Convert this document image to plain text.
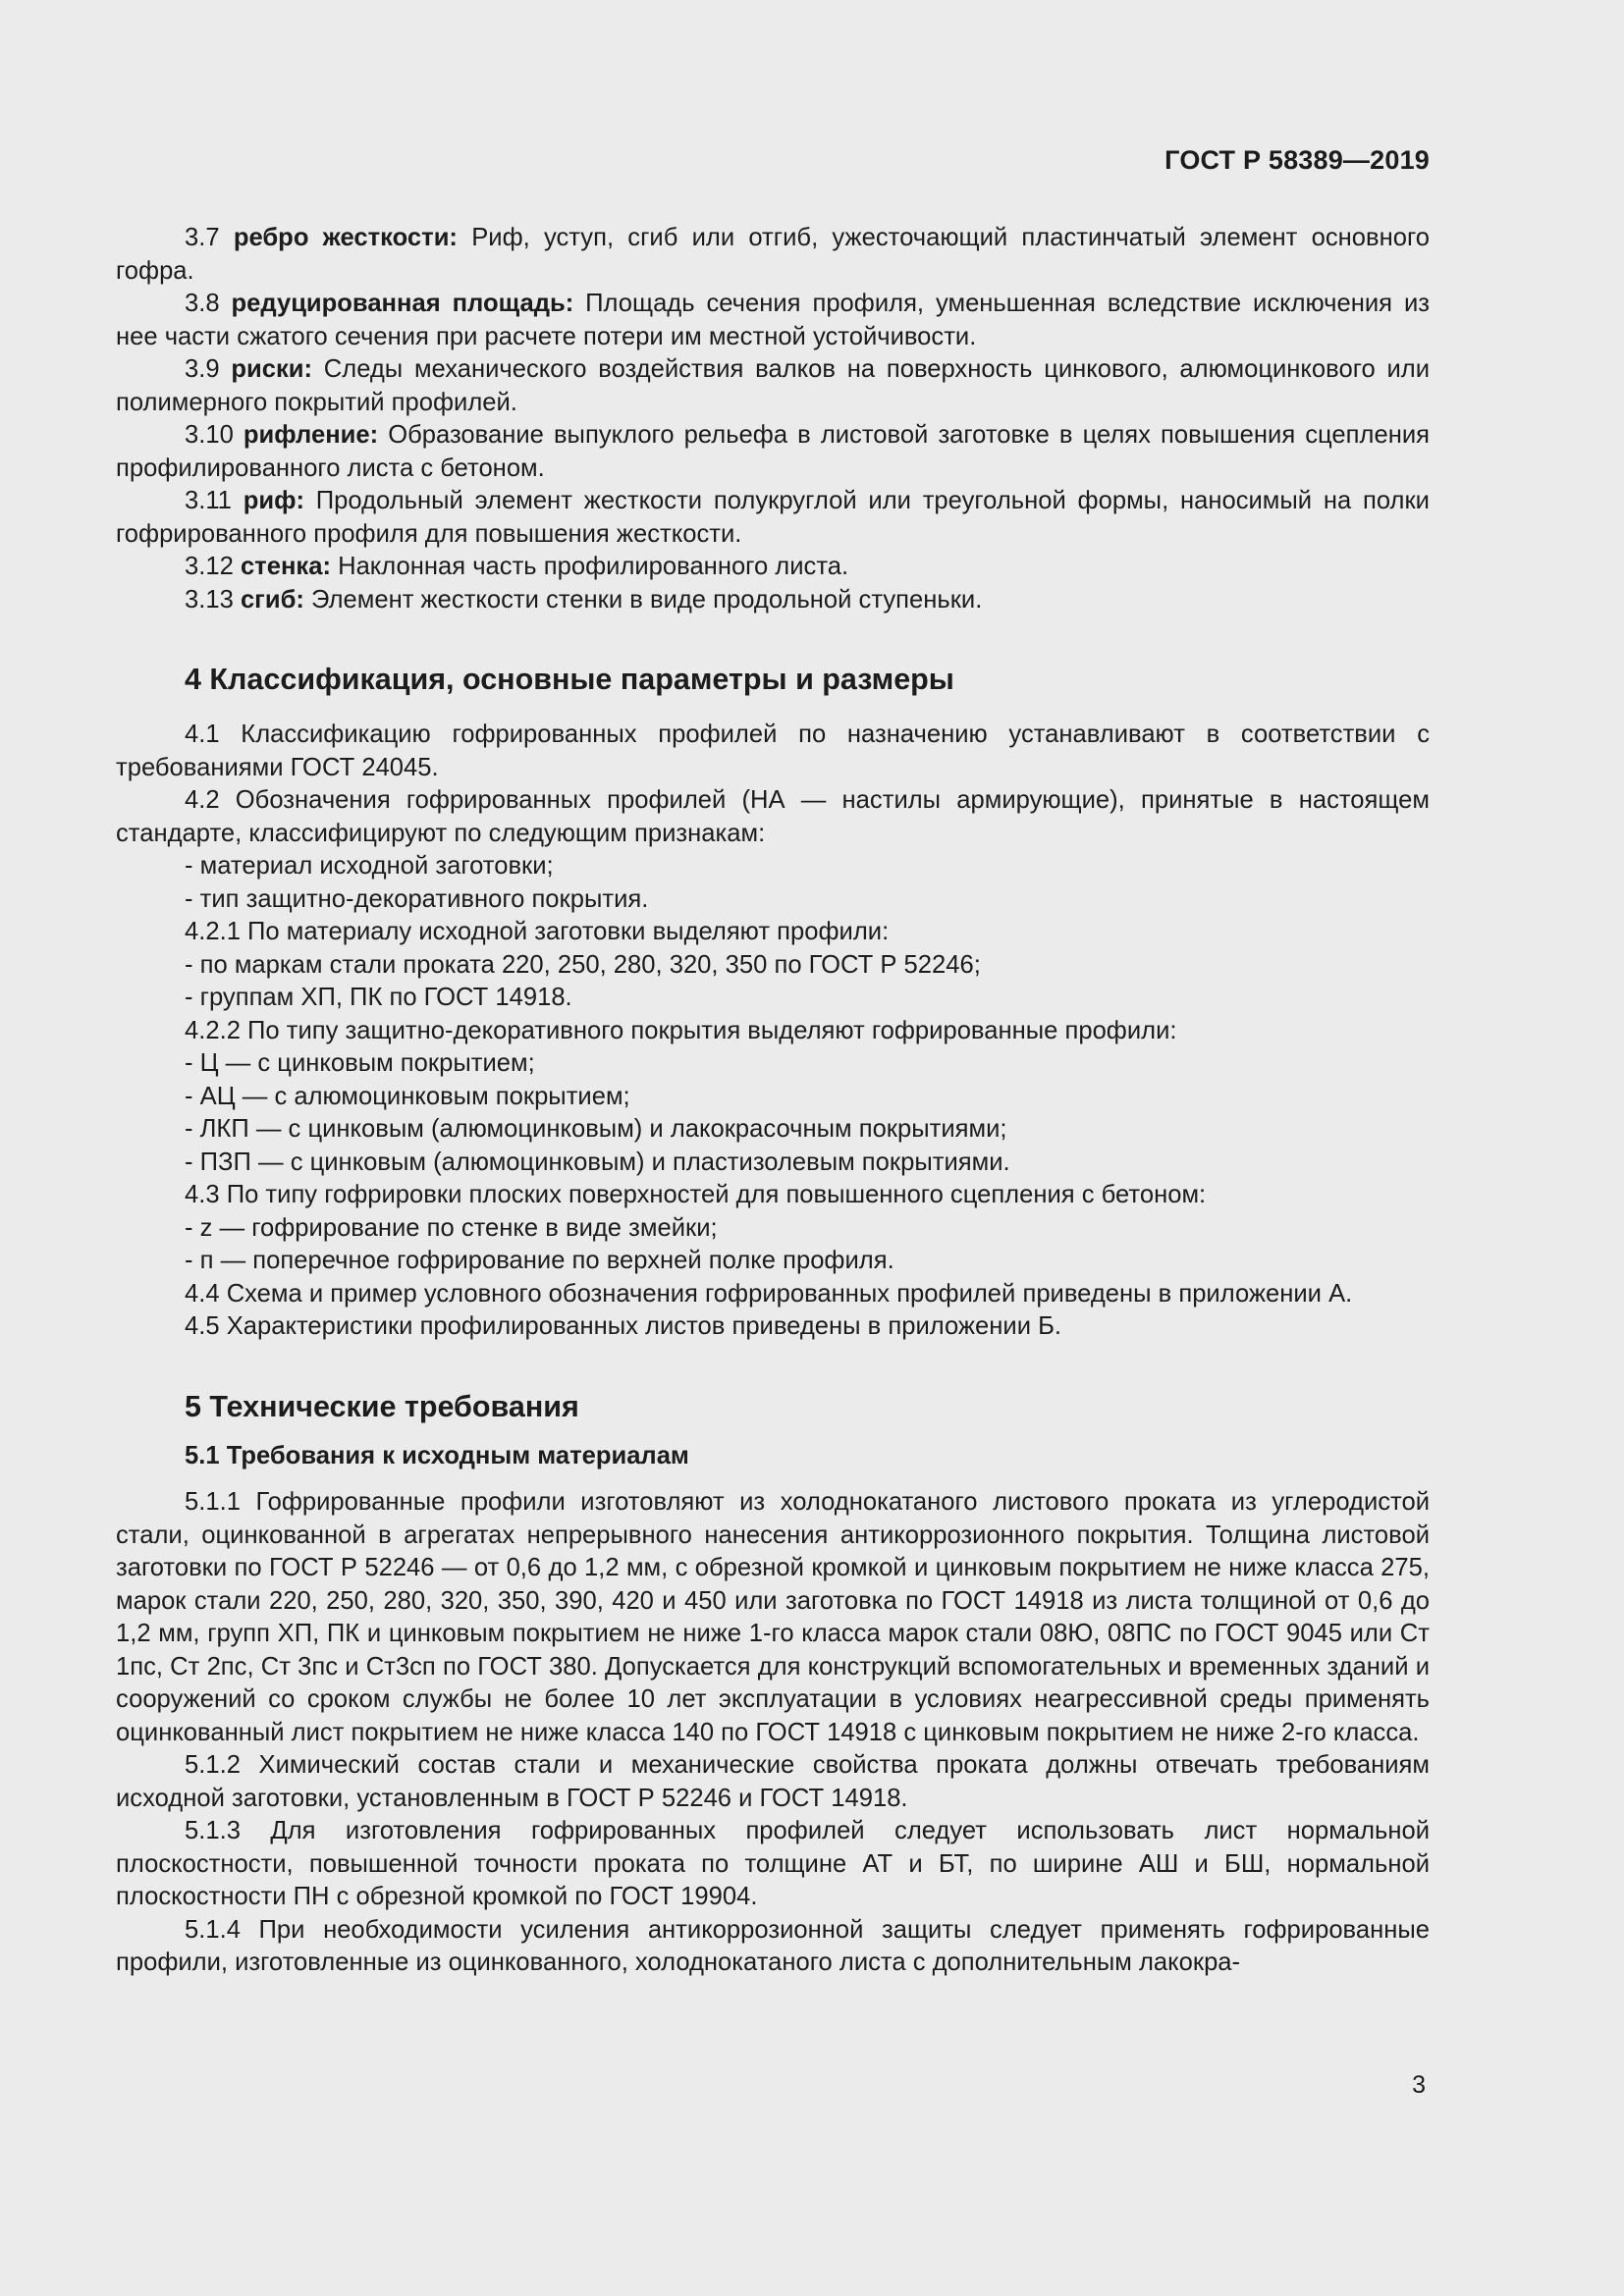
ГОСТ Р 58389—2019

3.7 ребро жесткости: Риф, уступ, сгиб или отгиб, ужесточающий пластинчатый элемент основного гофра.

3.8 редуцированная площадь: Площадь сечения профиля, уменьшенная вследствие исключения из нее части сжатого сечения при расчете потери им местной устойчивости.

3.9 риски: Следы механического воздействия валков на поверхность цинкового, алюмоцинкового или полимерного покрытий профилей.

3.10 рифление: Образование выпуклого рельефа в листовой заготовке в целях повышения сцепления профилированного листа с бетоном.

3.11 риф: Продольный элемент жесткости полукруглой или треугольной формы, наносимый на полки гофрированного профиля для повышения жесткости.

3.12 стенка: Наклонная часть профилированного листа.

3.13 сгиб: Элемент жесткости стенки в виде продольной ступеньки.

4 Классификация, основные параметры и размеры

4.1 Классификацию гофрированных профилей по назначению устанавливают в соответствии с требованиями ГОСТ 24045.

4.2 Обозначения гофрированных профилей (НА — настилы армирующие), принятые в настоящем стандарте, классифицируют по следующим признакам:

- материал исходной заготовки;

- тип защитно-декоративного покрытия.

4.2.1 По материалу исходной заготовки выделяют профили:

- по маркам стали проката 220, 250, 280, 320, 350 по ГОСТ Р 52246;

- группам ХП, ПК по ГОСТ 14918.

4.2.2 По типу защитно-декоративного покрытия выделяют гофрированные профили:

- Ц — с цинковым покрытием;

- АЦ — с алюмоцинковым покрытием;

- ЛКП — с цинковым (алюмоцинковым) и лакокрасочным покрытиями;

- ПЗП — с цинковым (алюмоцинковым) и пластизолевым покрытиями.

4.3 По типу гофрировки плоских поверхностей для повышенного сцепления с бетоном:

- z — гофрирование по стенке в виде змейки;

- п — поперечное гофрирование по верхней полке профиля.

4.4 Схема и пример условного обозначения гофрированных профилей приведены в приложении А.

4.5 Характеристики профилированных листов приведены в приложении Б.

5 Технические требования
5.1 Требования к исходным материалам

5.1.1 Гофрированные профили изготовляют из холоднокатаного листового проката из углеродистой стали, оцинкованной в агрегатах непрерывного нанесения антикоррозионного покрытия. Толщина листовой заготовки по ГОСТ Р 52246 — от 0,6 до 1,2 мм, с обрезной кромкой и цинковым покрытием не ниже класса 275, марок стали 220, 250, 280, 320, 350, 390, 420 и 450 или заготовка по ГОСТ 14918 из листа толщиной от 0,6 до 1,2 мм, групп ХП, ПК и цинковым покрытием не ниже 1-го класса марок стали 08Ю, 08ПС по ГОСТ 9045 или Ст 1пс, Ст 2пс, Ст 3пс и Ст3сп по ГОСТ 380. Допускается для конструкций вспомогательных и временных зданий и сооружений со сроком службы не более 10 лет эксплуатации в условиях неагрессивной среды применять оцинкованный лист покрытием не ниже класса 140 по ГОСТ 14918 с цинковым покрытием не ниже 2-го класса.

5.1.2 Химический состав стали и механические свойства проката должны отвечать требованиям исходной заготовки, установленным в ГОСТ Р 52246 и ГОСТ 14918.

5.1.3 Для изготовления гофрированных профилей следует использовать лист нормальной плоскостности, повышенной точности проката по толщине АТ и БТ, по ширине АШ и БШ, нормальной плоскостности ПН с обрезной кромкой по ГОСТ 19904.

5.1.4 При необходимости усиления антикоррозионной защиты следует применять гофрированные профили, изготовленные из оцинкованного, холоднокатаного листа с дополнительным лакокра-

3
